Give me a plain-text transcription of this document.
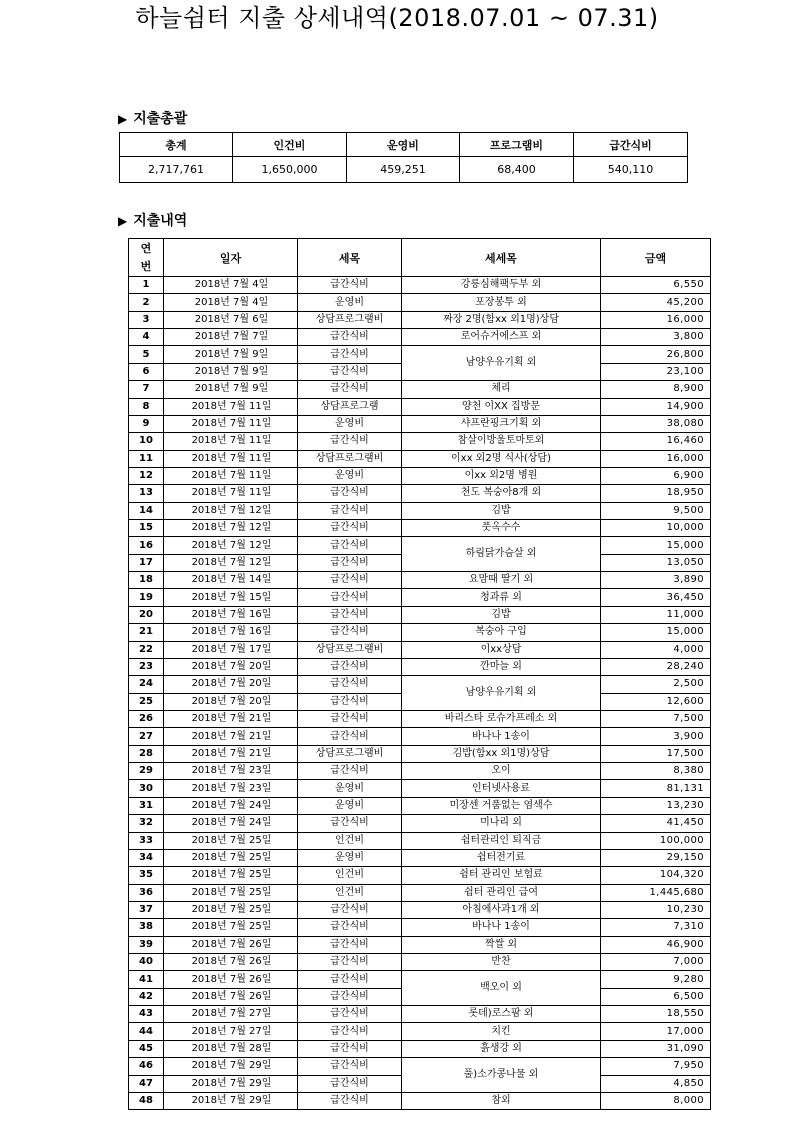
하늘쉼터 지출 상세내역(2018.07.01 ~ 07.31)
▶ 지출총괄
총계	인건비	운영비	프로그램비	급간식비
2,717,761	1,650,000	459,251	68,400	540,110
▶ 지출내역
연
번	일자	세목	세세목	금액
1	2018년 7월 4일	급간식비	강릉심해팩두부 외	6,550
2	2018년 7월 4일	운영비	포장봉투 외	45,200
3	2018년 7월 6일	상담프로그램비	짜장 2명(함xx 외1명)상담	16,000
4	2018년 7월 7일	급간식비	로어슈거에스프 외	3,800
5	2018년 7월 9일	급간식비	남양우유기획 외	26,800
6	2018년 7월 9일	급간식비		23,100
7	2018년 7월 9일	급간식비	체리	8,900
8	2018년 7월 11일	상담프로그램	양천 이XX 집방문	14,900
9	2018년 7월 11일	운영비	샤프란핑크기획 외	38,080
10	2018년 7월 11일	급간식비	참살이방울토마토외	16,460
11	2018년 7월 11일	상담프로그램비	이xx 외2명 식사(상담)	16,000
12	2018년 7월 11일	운영비	이xx 외2명 병원	6,900
13	2018년 7월 11일	급간식비	천도 복숭아8개 외	18,950
14	2018년 7월 12일	급간식비	김밥	9,500
15	2018년 7월 12일	급간식비	풋옥수수	10,000
16	2018년 7월 12일	급간식비	하림닭가슴살 외	15,000
17	2018년 7월 12일	급간식비		13,050
18	2018년 7월 14일	급간식비	요맘때 딸기 외	3,890
19	2018년 7월 15일	급간식비	청과류 외	36,450
20	2018년 7월 16일	급간식비	김밥	11,000
21	2018년 7월 16일	급간식비	복숭아 구입	15,000
22	2018년 7월 17일	상담프로그램비	이xx상담	4,000
23	2018년 7월 20일	급간식비	깐마늘 외	28,240
24	2018년 7월 20일	급간식비	남양우유기획 외	2,500
25	2018년 7월 20일	급간식비		12,600
26	2018년 7월 21일	급간식비	바리스타 로슈가프레소 외	7,500
27	2018년 7월 21일	급간식비	바나나 1송이	3,900
28	2018년 7월 21일	상담프로그램비	김밥(함xx 외1명)상담	17,500
29	2018년 7월 23일	급간식비	오이	8,380
30	2018년 7월 23일	운영비	인터넷사용료	81,131
31	2018년 7월 24일	운영비	미장센 거품없는 염색수	13,230
32	2018년 7월 24일	급간식비	미나리 외	41,450
33	2018년 7월 25일	인건비	쉼터관리인 퇴직금	100,000
34	2018년 7월 25일	운영비	쉼터전기료	29,150
35	2018년 7월 25일	인건비	쉼터 관리인 보험료	104,320
36	2018년 7월 25일	인건비	쉼터 관리인 급여	1,445,680
37	2018년 7월 25일	급간식비	아침에사과1개 외	10,230
38	2018년 7월 25일	급간식비	바나나 1송이	7,310
39	2018년 7월 26일	급간식비	짝쌀 외	46,900
40	2018년 7월 26일	급간식비	반찬	7,000
41	2018년 7월 26일	급간식비	백오이 외	9,280
42	2018년 7월 26일	급간식비		6,500
43	2018년 7월 27일	급간식비	롯데)로스팜 외	18,550
44	2018년 7월 27일	급간식비	치킨	17,000
45	2018년 7월 28일	급간식비	흙생강 외	31,090
46	2018년 7월 29일	급간식비	풀)소가콩나물 외	7,950
47	2018년 7월 29일	급간식비		4,850
48	2018년 7월 29일	급간식비	참외	8,000
